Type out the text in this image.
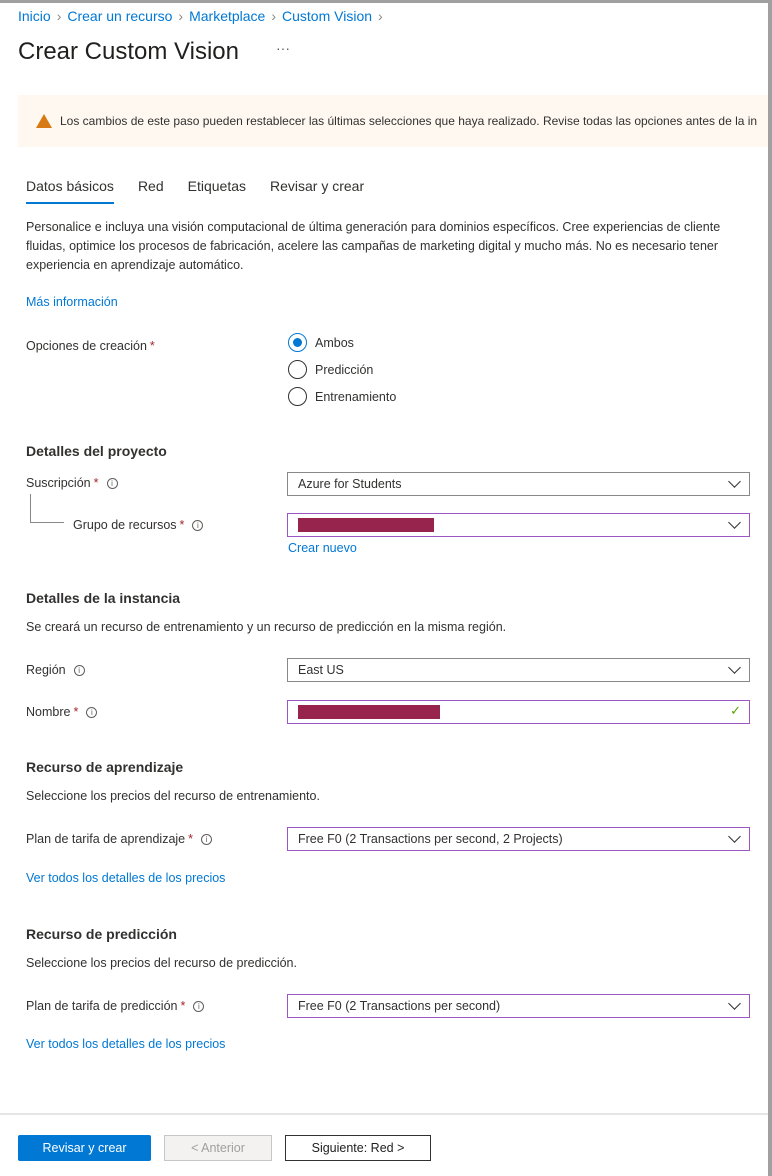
Inicio › Crear un recurso › Marketplace › Custom Vision ›
Crear Custom Vision	···
Los cambios de este paso pueden restablecer las últimas selecciones que haya realizado. Revise todas las opciones antes de la in
Datos básicos Red Etiquetas Revisar y crear
Personalice e incluya una visión computacional de última generación para dominios específicos. Cree experiencias de cliente fluidas, optimice los procesos de fabricación, acelere las campañas de marketing digital y mucho más. No es necesario tener experiencia en aprendizaje automático.
Más información
Opciones de creación *	Ambos
Predicción
Entrenamiento
Detalles del proyecto
Suscripción * i	Azure for Students
Grupo de recursos * i
Crear nuevo
Detalles de la instancia
Se creará un recurso de entrenamiento y un recurso de predicción en la misma región.
Región i	East US
Nombre * i	✓
Recurso de aprendizaje
Seleccione los precios del recurso de entrenamiento.
Plan de tarifa de aprendizaje * i	Free F0 (2 Transactions per second, 2 Projects)
Ver todos los detalles de los precios
Recurso de predicción
Seleccione los precios del recurso de predicción.
Plan de tarifa de predicción * i	Free F0 (2 Transactions per second)
Ver todos los detalles de los precios
Revisar y crear	< Anterior	Siguiente: Red >
